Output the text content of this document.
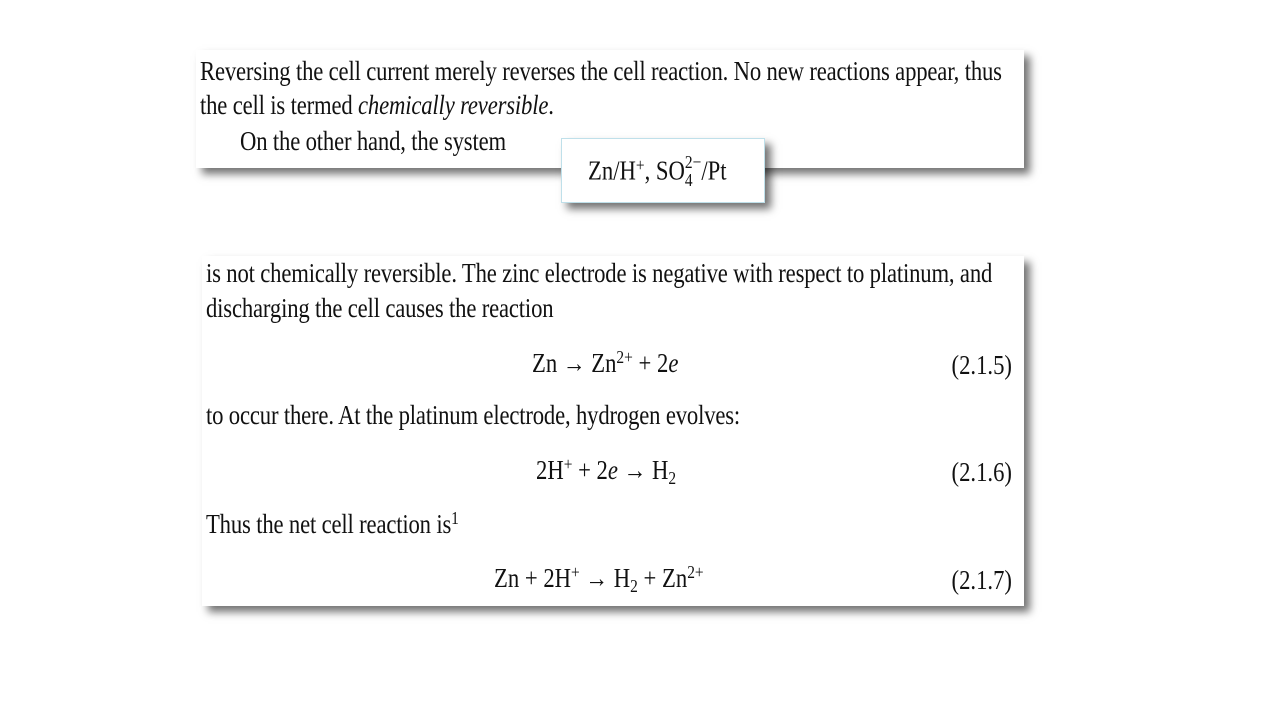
Reversing the cell current merely reverses the cell reaction. No new reactions appear, thus
the cell is termed chemically reversible.
On the other hand, the system
Zn/H+, SO 2−
4 /Pt
is not chemically reversible. The zinc electrode is negative with respect to platinum, and
discharging the cell causes the reaction
$Zn \to Zn^{2+} + 2e$	(2.1.5)
to occur there. At the platinum electrode, hydrogen evolves:
$2H^+ + 2e \to H_2$	(2.1.6)
Thus the net cell reaction $is^1$
$Zn + 2H^+ \to H_2 + Zn^{2+}$	(2.1.7)
